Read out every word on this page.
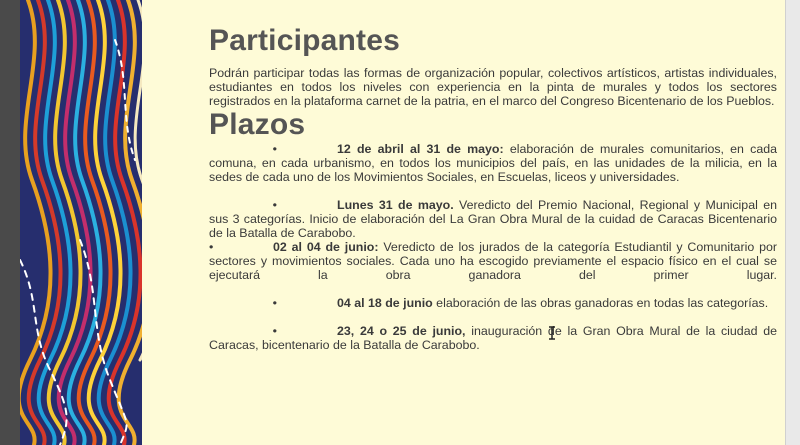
Participantes

Podrán participar todas las formas de organización popular, colectivos artísticos, artistas individuales, estudiantes en todos los niveles con experiencia en la pinta de murales y todos los sectores registrados en la plataforma carnet de la patria, en el marco del Congreso Bicentenario de los Pueblos.

Plazos
•	12 de abril al 31 de mayo: elaboración de murales comunitarios, en cada comuna, en cada urbanismo, en todos los municipios del país, en las unidades de la milicia, en la sedes de cada uno de los Movimientos Sociales, en Escuelas, liceos y universidades.
•	Lunes 31 de mayo. Veredicto del Premio Nacional, Regional y Municipal en sus 3 categorías. Inicio de elaboración del La Gran Obra Mural de la cuidad de Caracas Bicentenario de la Batalla de Carabobo.
•	02 al 04 de junio: Veredicto de los jurados de la categoría Estudiantil y Comunitario por sectores y movimientos sociales. Cada uno ha escogido previamente el espacio físico en el cual se ejecutará la obra ganadora del primer lugar.
•	04 al 18 de junio elaboración de las obras ganadoras en todas las categorías.
•	23, 24 o 25 de junio, inauguración de la Gran Obra Mural de la ciudad de Caracas, bicentenario de la Batalla de Carabobo.
